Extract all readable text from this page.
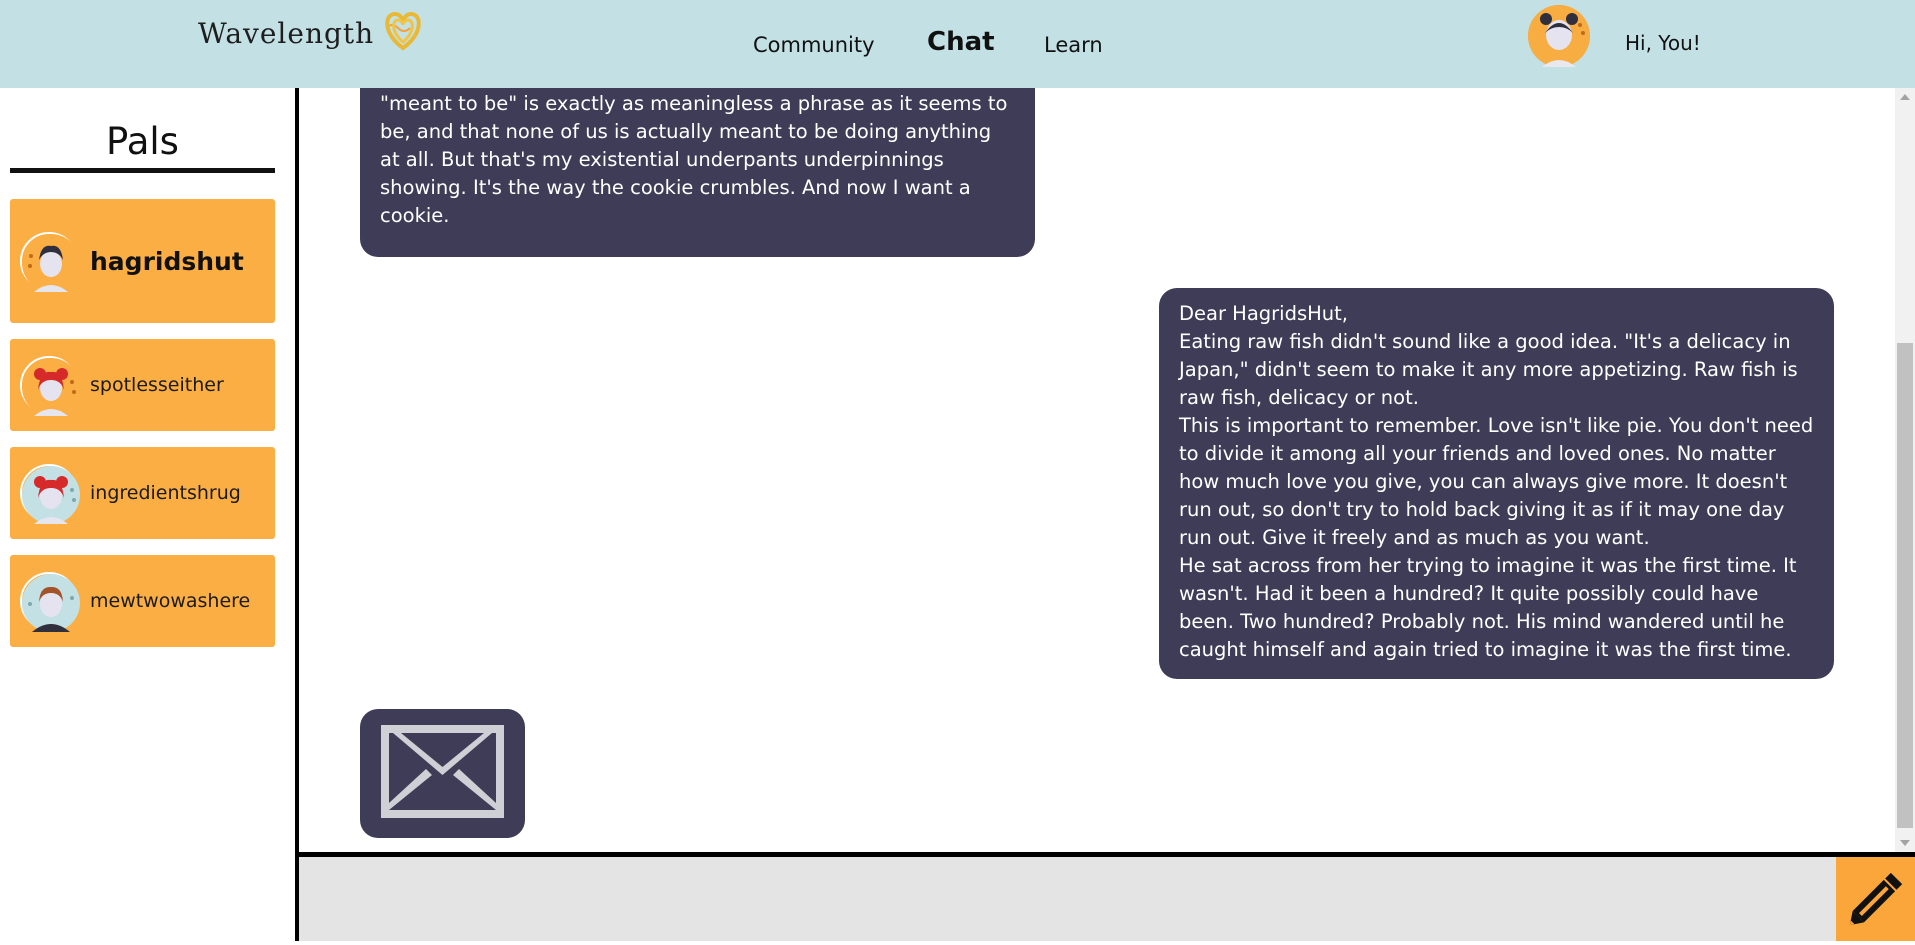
Wavelength	Community Chat Learn	Hi, You!
Pals
hagridshut
spotlesseither
ingredientshrug
mewtwowashere

"meant to be" is exactly as meaningless a phrase as it seems to be, and that none of us is actually meant to be doing anything at all. But that's my existential underpants underpinnings showing. It's the way the cookie crumbles. And now I want a cookie.

Dear HagridsHut,

Eating raw fish didn't sound like a good idea. "It's a delicacy in Japan," didn't seem to make it any more appetizing. Raw fish is raw fish, delicacy or not.

This is important to remember. Love isn't like pie. You don't need to divide it among all your friends and loved ones. No matter how much love you give, you can always give more. It doesn't run out, so don't try to hold back giving it as if it may one day run out. Give it freely and as much as you want.

He sat across from her trying to imagine it was the first time. It wasn't. Had it been a hundred? It quite possibly could have been. Two hundred? Probably not. His mind wandered until he caught himself and again tried to imagine it was the first time.
